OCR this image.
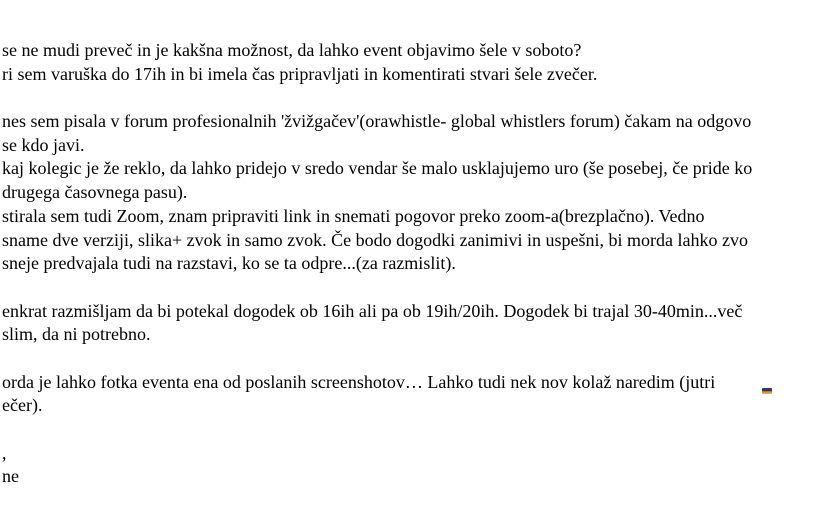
se ne mudi preveč in je kakšna možnost, da lahko event objavimo šele v soboto?
ri sem varuška do 17ih in bi imela čas pripravljati in komentirati stvari šele zvečer.
nes sem pisala v forum profesionalnih 'žvižgačev'(orawhistle- global whistlers forum) čakam na odgovo
se kdo javi.
kaj kolegic je že reklo, da lahko pridejo v sredo vendar še malo usklajujemo uro (še posebej, če pride ko
drugega časovnega pasu).
stirala sem tudi Zoom, znam pripraviti link in snemati pogovor preko zoom-a(brezplačno). Vedno
sname dve verziji, slika+ zvok in samo zvok. Če bodo dogodki zanimivi in uspešni, bi morda lahko zvo
sneje predvajala tudi na razstavi, ko se ta odpre...(za razmislit).
enkrat razmišljam da bi potekal dogodek ob 16ih ali pa ob 19ih/20ih. Dogodek bi trajal 30-40min...več
slim, da ni potrebno.
orda je lahko fotka eventa ena od poslanih screenshotov… Lahko tudi nek nov kolaž naredim (jutri
ečer).
,
ne
